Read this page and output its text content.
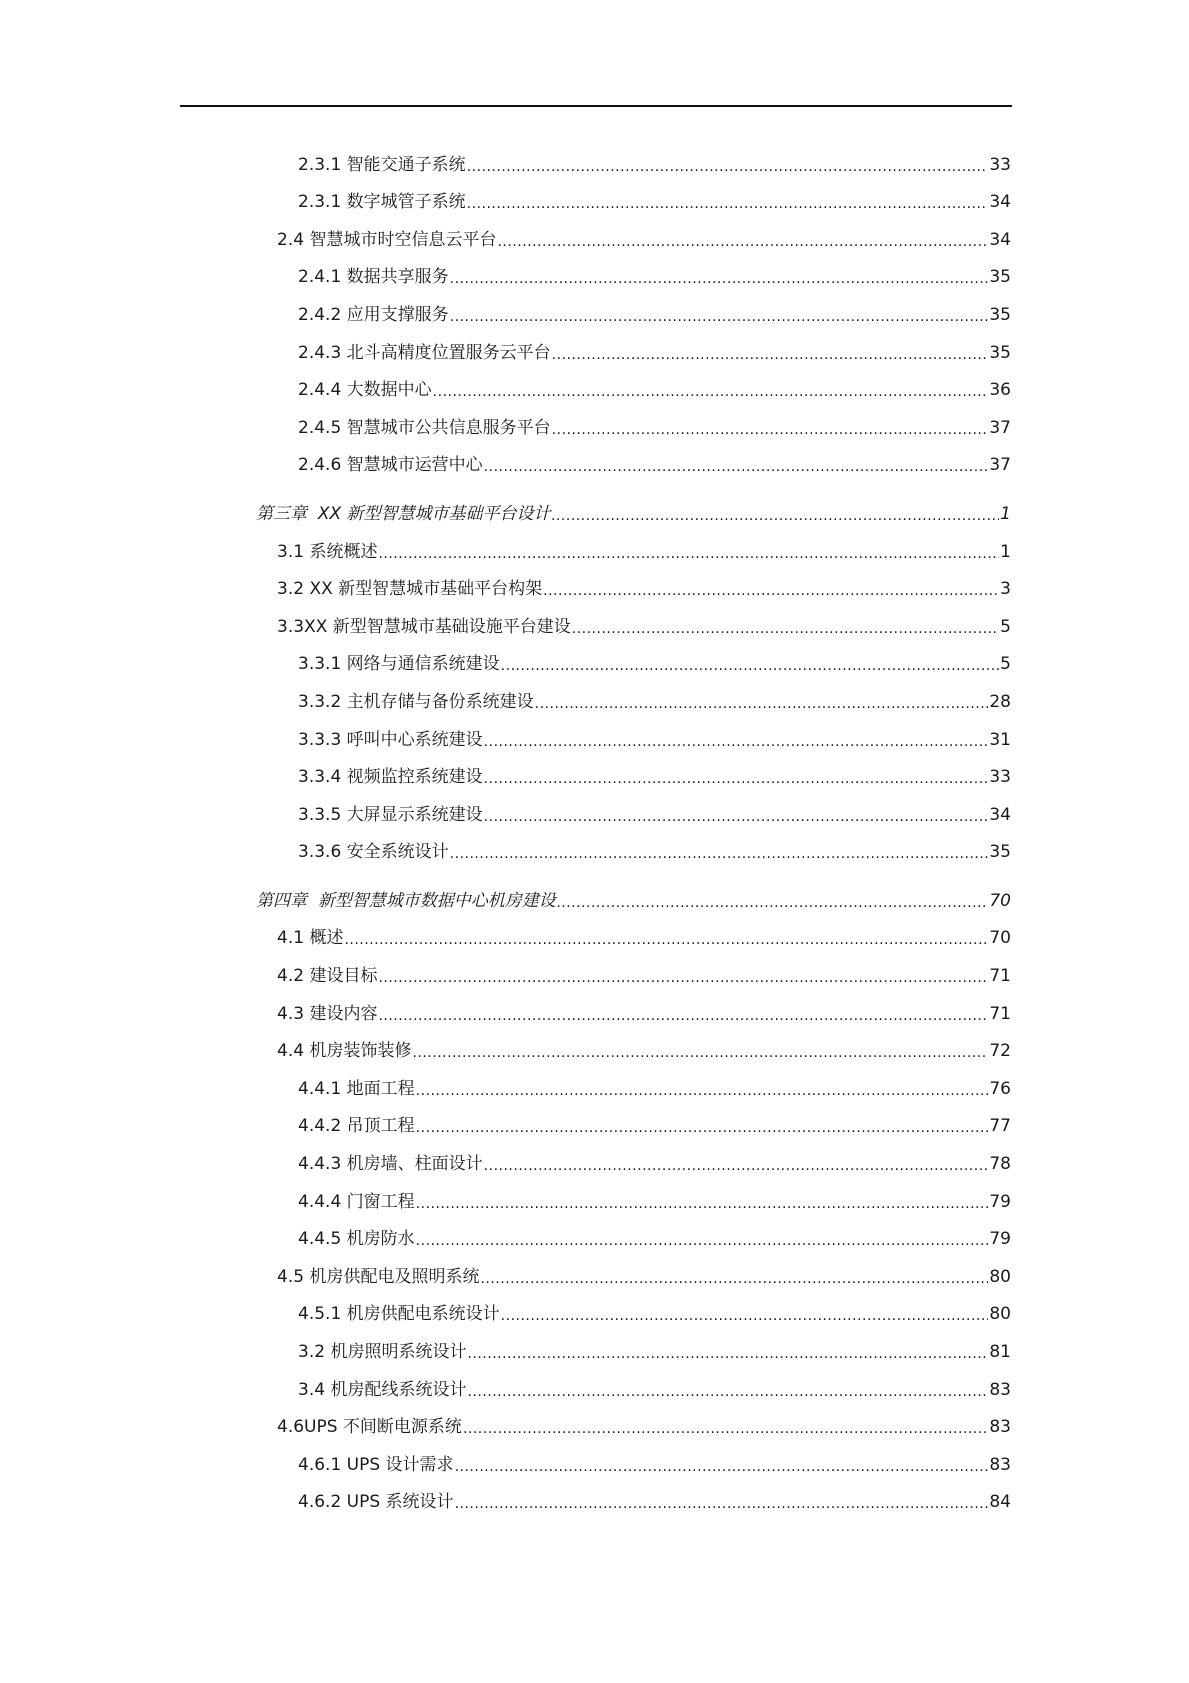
2.3.1 智能交通子系统 .....	33
2.3.1 数字城管子系统 .....	34
2.4 智慧城市时空信息云平台 .....	34
2.4.1 数据共享服务 .....	35
2.4.2 应用支撑服务 .....	35
2.4.3 北斗高精度位置服务云平台 .....	35
2.4.4 大数据中心 .....	36
2.4.5 智慧城市公共信息服务平台 .....	37
2.4.6 智慧城市运营中心 .....	37
第三章 XX 新型智慧城市基础平台设计 .....	1
3.1 系统概述 .....	1
3.2 XX 新型智慧城市基础平台构架 .....	3
3.3 XX 新型智慧城市基础设施平台建设 .....	5
3.3.1 网络与通信系统建设 .....	5
3.3.2 主机存储与备份系统建设 .....	28
3.3.3 呼叫中心系统建设 .....	31
3.3.4 视频监控系统建设 .....	33
3.3.5 大屏显示系统建设 .....	34
3.3.6 安全系统设计 .....	35
第四章 新型智慧城市数据中心机房建设 .....	70
4.1 概述 .....	70
4.2 建设目标 .....	71
4.3 建设内容 .....	71
4.4 机房装饰装修 .....	72
4.4.1 地面工程 .....	76
4.4.2 吊顶工程 .....	77
4.4.3 机房墙、柱面设计 .....	78
4.4.4 门窗工程 .....	79
4.4.5 机房防水 .....	79
4.5 机房供配电及照明系统 .....	80
4.5.1 机房供配电系统设计 .....	80
3.2 机房照明系统设计 .....	81
3.4 机房配线系统设计 .....	83
4.6 UPS 不间断电源系统 .....	83
4.6.1 UPS 设计需求 .....	83
4.6.2 UPS 系统设计 .....	84
